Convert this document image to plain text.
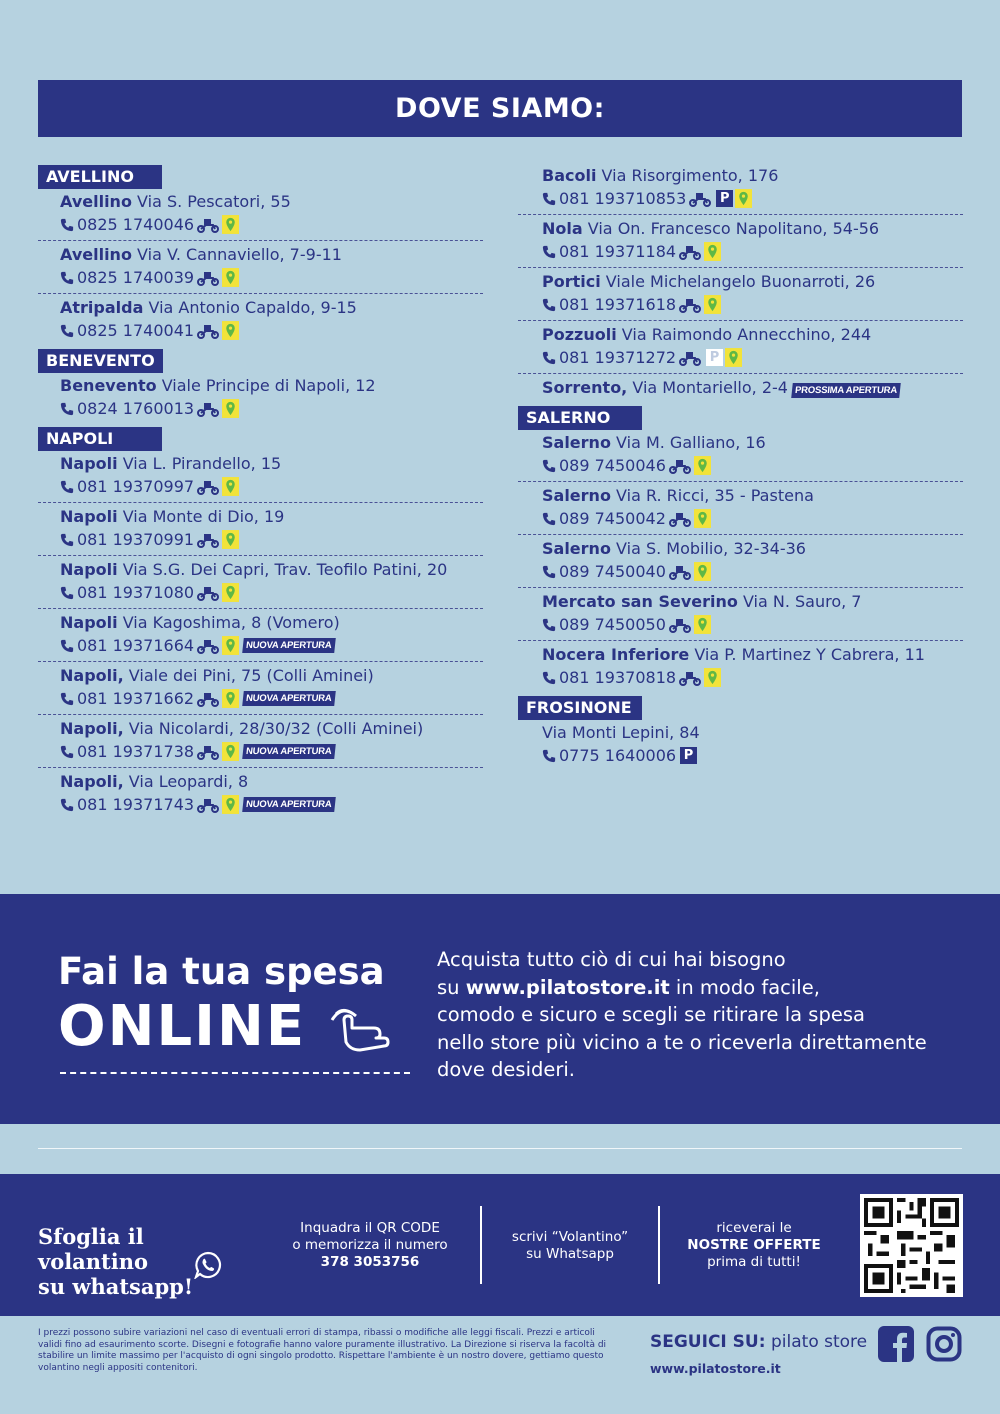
DOVE SIAMO:
AVELLINO
Avellino Via S. Pescatori, 55
0825 1740046
Avellino Via V. Cannaviello, 7-9-11
0825 1740039
Atripalda Via Antonio Capaldo, 9-15
0825 1740041
BENEVENTO
Benevento Viale Principe di Napoli, 12
0824 1760013
NAPOLI
Napoli Via L. Pirandello, 15
081 19370997
Napoli Via Monte di Dio, 19
081 19370991
Napoli Via S.G. Dei Capri, Trav. Teofilo Patini, 20
081 19371080
Napoli Via Kagoshima, 8 (Vomero)
081 19371664	NUOVA APERTURA
Napoli, Viale dei Pini, 75 (Colli Aminei)
081 19371662	NUOVA APERTURA
Napoli, Via Nicolardi, 28/30/32 (Colli Aminei)
081 19371738	NUOVA APERTURA
Napoli, Via Leopardi, 8
081 19371743	NUOVA APERTURA
Bacoli Via Risorgimento, 176
081 193710853	P
Nola Via On. Francesco Napolitano, 54-56
081 19371184
Portici Viale Michelangelo Buonarroti, 26
081 19371618
Pozzuoli Via Raimondo Annecchino, 244
081 19371272	P
Sorrento, Via Montariello, 2-4 PROSSIMA APERTURA
SALERNO
Salerno Via M. Galliano, 16
089 7450046
Salerno Via R. Ricci, 35 - Pastena
089 7450042
Salerno Via S. Mobilio, 32-34-36
089 7450040
Mercato san Severino Via N. Sauro, 7
089 7450050
Nocera Inferiore Via P. Martinez Y Cabrera, 11
081 19370818
FROSINONE
Via Monti Lepini, 84
0775 1640006 P
Fai la tua spesa
ONLINE
Acquista tutto ciò di cui hai bisogno
su www.pilatostore.it in modo facile,
comodo e sicuro e scegli se ritirare la spesa
nello store più vicino a te o riceverla direttamente
dove desideri.
Sfoglia il volantino
su whatsapp!
Inquadra il QR CODE
o memorizza il numero
378 3053756
scrivi “Volantino”
su Whatsapp
riceverai le
NOSTRE OFFERTE
prima di tutti!
I prezzi possono subire variazioni nel caso di eventuali errori di stampa, ribassi o modifiche alle leggi fiscali. Prezzi e articoli validi fino ad esaurimento scorte. Disegni e fotografie hanno valore puramente illustrativo. La Direzione si riserva la facoltà di stabilire un limite massimo per l'acquisto di ogni singolo prodotto. Rispettare l'ambiente è un nostro dovere, gettiamo questo volantino negli appositi contenitori.
SEGUICI SU: pilato store
www.pilatostore.it
